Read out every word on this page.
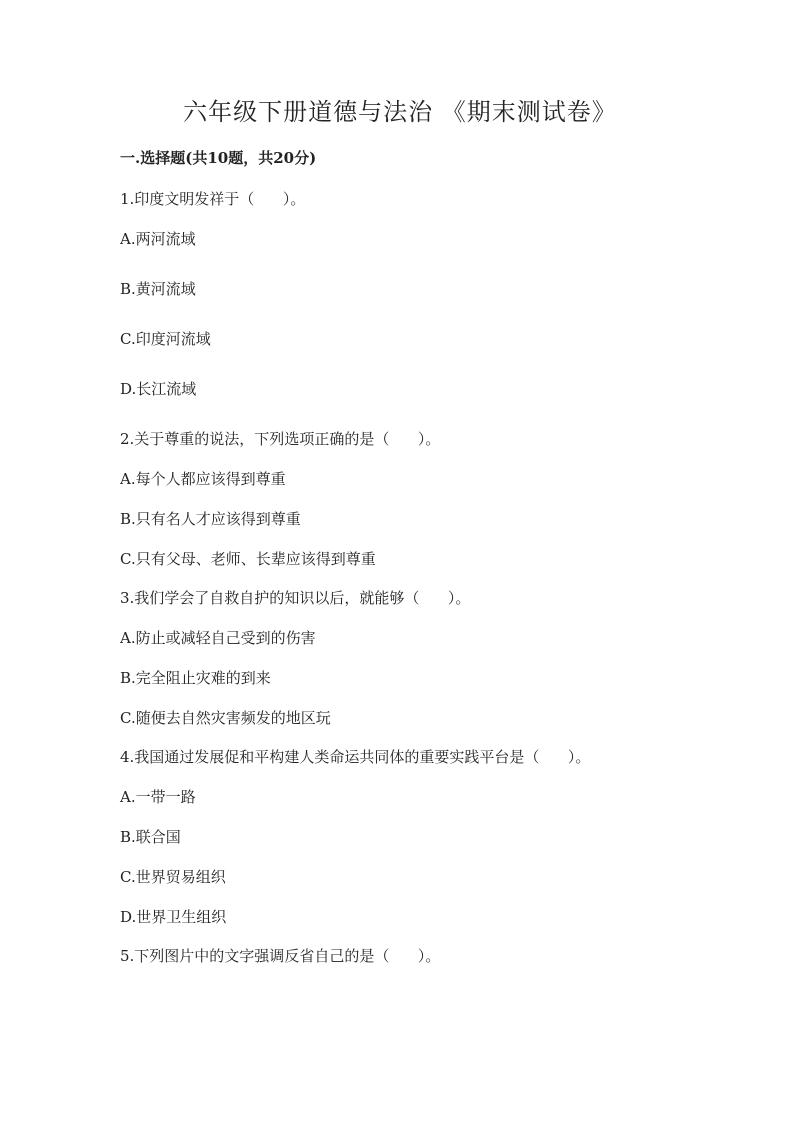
六年级下册道德与法治 《期末测试卷》
一.选择题(共10题，共20分)
1.印度文明发祥于（      ）。
A.两河流域
B.黄河流域
C.印度河流域
D.长江流域
2.关于尊重的说法，下列选项正确的是（      ）。
A.每个人都应该得到尊重
B.只有名人才应该得到尊重
C.只有父母、老师、长辈应该得到尊重
3.我们学会了自救自护的知识以后，就能够（      ）。
A.防止或减轻自己受到的伤害
B.完全阻止灾难的到来
C.随便去自然灾害频发的地区玩
4.我国通过发展促和平构建人类命运共同体的重要实践平台是（      ）。
A.一带一路
B.联合国
C.世界贸易组织
D.世界卫生组织
5.下列图片中的文字强调反省自己的是（      ）。
